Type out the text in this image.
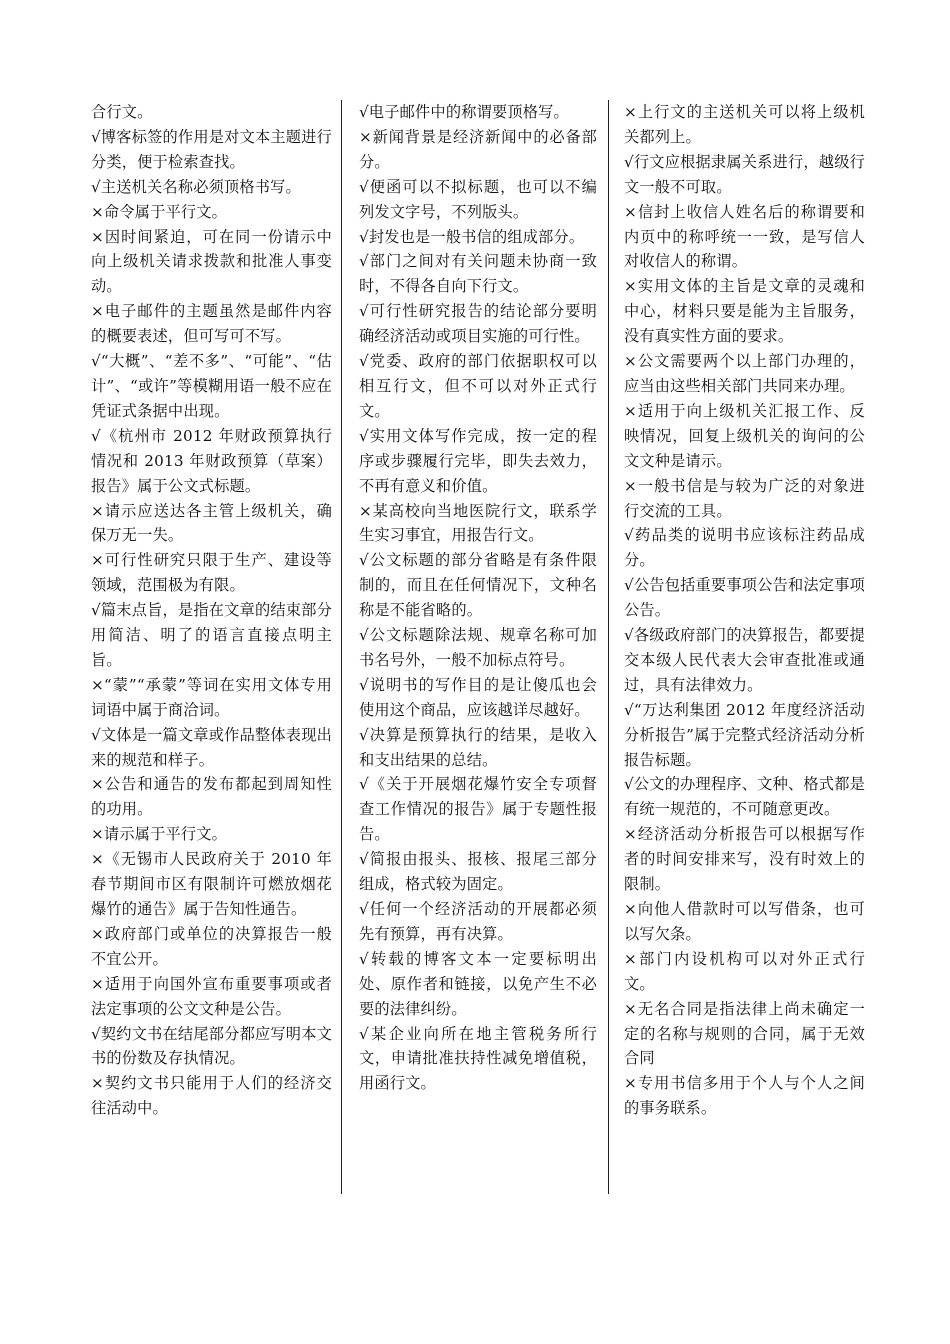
合行文。

√博客标签的作用是对文本主题进行分类，便于检索查找。

√主送机关名称必须顶格书写。

×命令属于平行文。

×因时间紧迫，可在同一份请示中向上级机关请求拨款和批准人事变动。

×电子邮件的主题虽然是邮件内容的概要表述，但可写可不写。

√“大概”、“差不多”、“可能”、“估计”、“或许”等模糊用语一般不应在凭证式条据中出现。

√《杭州市 2012 年财政预算执行情况和 2013 年财政预算（草案）报告》属于公文式标题。

×请示应送达各主管上级机关，确保万无一失。

×可行性研究只限于生产、建设等领域，范围极为有限。

√篇末点旨，是指在文章的结束部分用简洁、明了的语言直接点明主旨。

×“蒙”“承蒙”等词在实用文体专用词语中属于商洽词。

√文体是一篇文章或作品整体表现出来的规范和样子。

×公告和通告的发布都起到周知性的功用。

×请示属于平行文。

×《无锡市人民政府关于 2010 年春节期间市区有限制许可燃放烟花爆竹的通告》属于告知性通告。

×政府部门或单位的决算报告一般不宜公开。

×适用于向国外宣布重要事项或者法定事项的公文文种是公告。

√契约文书在结尾部分都应写明本文书的份数及存执情况。

×契约文书只能用于人们的经济交往活动中。

√电子邮件中的称谓要顶格写。

×新闻背景是经济新闻中的必备部分。

√便函可以不拟标题，也可以不编列发文字号，不列版头。

√封发也是一般书信的组成部分。

√部门之间对有关问题未协商一致时，不得各自向下行文。

√可行性研究报告的结论部分要明确经济活动或项目实施的可行性。

√党委、政府的部门依据职权可以相互行文，但不可以对外正式行文。

√实用文体写作完成，按一定的程序或步骤履行完毕，即失去效力，不再有意义和价值。

×某高校向当地医院行文，联系学生实习事宜，用报告行文。

√公文标题的部分省略是有条件限制的，而且在任何情况下，文种名称是不能省略的。

√公文标题除法规、规章名称可加书名号外，一般不加标点符号。

√说明书的写作目的是让傻瓜也会使用这个商品，应该越详尽越好。

√决算是预算执行的结果，是收入和支出结果的总结。

√《关于开展烟花爆竹安全专项督查工作情况的报告》属于专题性报告。

√简报由报头、报核、报尾三部分组成，格式较为固定。

√任何一个经济活动的开展都必须先有预算，再有决算。

√转载的博客文本一定要标明出处、原作者和链接，以免产生不必要的法律纠纷。

√某企业向所在地主管税务所行文，申请批准扶持性减免增值税，用函行文。

×上行文的主送机关可以将上级机关都列上。

√行文应根据隶属关系进行，越级行文一般不可取。

×信封上收信人姓名后的称谓要和内页中的称呼统一一致，是写信人对收信人的称谓。

×实用文体的主旨是文章的灵魂和中心，材料只要是能为主旨服务，没有真实性方面的要求。

×公文需要两个以上部门办理的，应当由这些相关部门共同来办理。

×适用于向上级机关汇报工作、反映情况，回复上级机关的询问的公文文种是请示。

×一般书信是与较为广泛的对象进行交流的工具。

√药品类的说明书应该标注药品成分。

√公告包括重要事项公告和法定事项公告。

√各级政府部门的决算报告，都要提交本级人民代表大会审查批准或通过，具有法律效力。

√“万达利集团 2012 年度经济活动分析报告”属于完整式经济活动分析报告标题。

√公文的办理程序、文种、格式都是有统一规范的，不可随意更改。

×经济活动分析报告可以根据写作者的时间安排来写，没有时效上的限制。

×向他人借款时可以写借条，也可以写欠条。

×部门内设机构可以对外正式行文。

×无名合同是指法律上尚未确定一定的名称与规则的合同，属于无效合同

×专用书信多用于个人与个人之间的事务联系。
